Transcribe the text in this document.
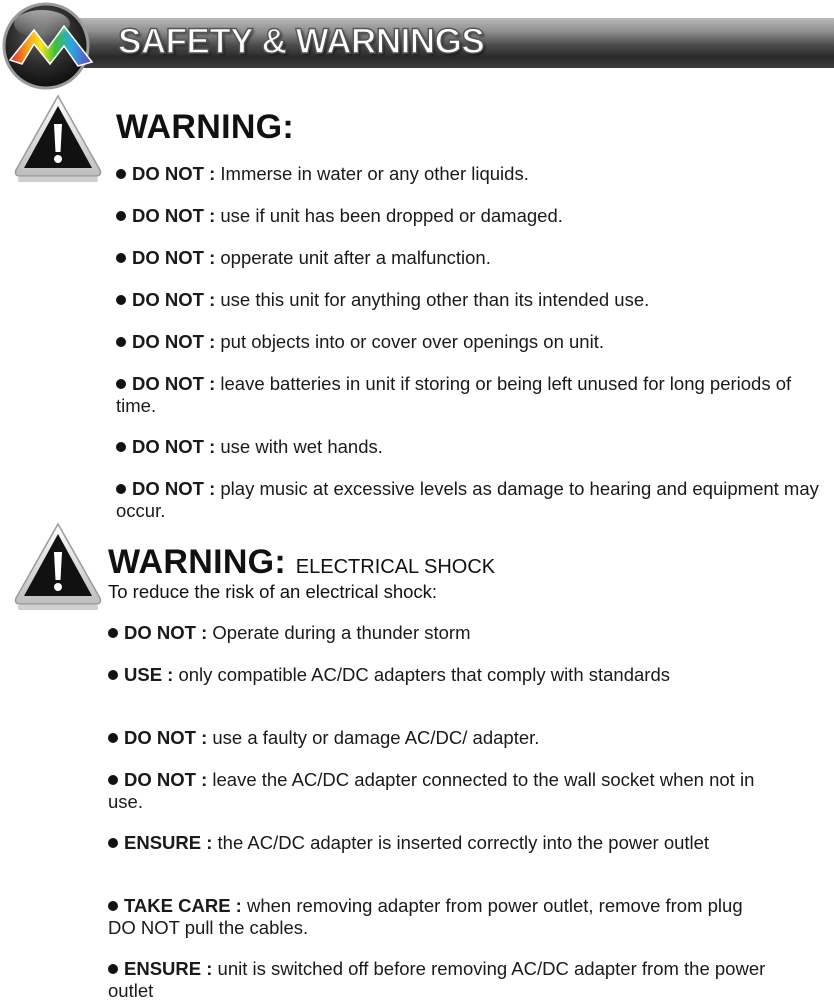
SAFETY & WARNINGS
WARNING:
DO NOT : Immerse in water or any other liquids.
DO NOT : use if unit has been dropped or damaged.
DO NOT : opperate unit after a malfunction.
DO NOT : use this unit for anything other than its intended use.
DO NOT : put objects into or cover over openings on unit.
DO NOT : leave batteries in unit if storing or being left unused for long periods of time.
DO NOT : use with wet hands.
DO NOT : play music at excessive levels as damage to hearing and equipment may occur.
WARNING: ELECTRICAL SHOCK
To reduce the risk of an electrical shock:
DO NOT : Operate during a thunder storm
USE : only compatible AC/DC adapters that comply with standards
DO NOT : use a faulty or damage AC/DC/ adapter.
DO NOT : leave the AC/DC adapter connected to the wall socket when not in use.
ENSURE : the AC/DC adapter is inserted correctly into the power outlet
TAKE CARE : when removing adapter from power outlet, remove from plug DO NOT pull the cables.
ENSURE : unit is switched off before removing AC/DC adapter from the power outlet
